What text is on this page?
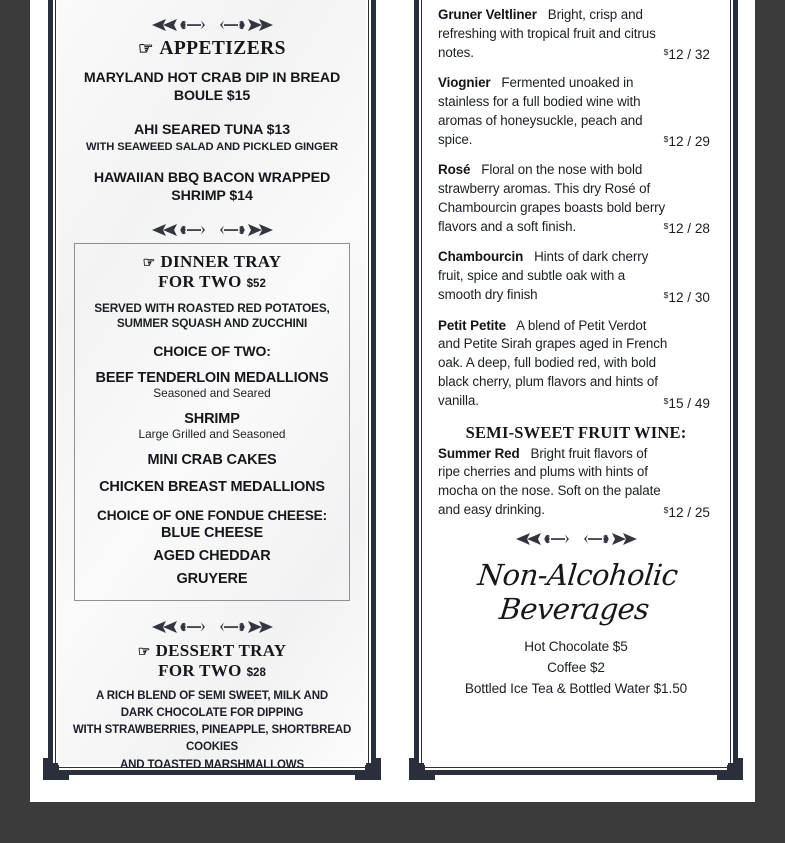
☞ APPETIZERS
MARYLAND HOT CRAB DIP IN BREAD BOULE $15
AHI SEARED TUNA $13
WITH SEAWEED SALAD AND PICKLED GINGER
HAWAIIAN BBQ BACON WRAPPED SHRIMP $14
☞ DINNER TRAY
FOR TWO $52
SERVED WITH ROASTED RED POTATOES,
SUMMER SQUASH AND ZUCCHINI
CHOICE OF TWO:
BEEF TENDERLOIN MEDALLIONS
Seasoned and Seared
SHRIMP
Large Grilled and Seasoned
MINI CRAB CAKES
CHICKEN BREAST MEDALLIONS
CHOICE OF ONE FONDUE CHEESE:
BLUE CHEESE
AGED CHEDDAR
GRUYERE
☞ DESSERT TRAY
FOR TWO $28
A RICH BLEND OF SEMI SWEET, MILK AND
DARK CHOCOLATE FOR DIPPING
WITH STRAWBERRIES, PINEAPPLE, SHORTBREAD COOKIES
AND TOASTED MARSHMALLOWS
Gruner Veltliner Bright, crisp and refreshing with tropical fruit and citrus notes.	$12 / 32
Viognier Fermented unoaked in stainless for a full bodied wine with aromas of honeysuckle, peach and spice.	$12 / 29
Rosé Floral on the nose with bold strawberry aromas. This dry Rosé of Chambourcin grapes boasts bold berry flavors and a soft finish.	$12 / 28
Chambourcin Hints of dark cherry fruit, spice and subtle oak with a smooth dry finish	$12 / 30
Petit Petite A blend of Petit Verdot and Petite Sirah grapes aged in French oak. A deep, full bodied red, with bold black cherry, plum flavors and hints of vanilla.	$15 / 49
SEMI-SWEET FRUIT WINE:
Summer Red Bright fruit flavors of ripe cherries and plums with hints of mocha on the nose. Soft on the palate and easy drinking.	$12 / 25
Non-Alcoholic Beverages
Hot Chocolate $5
Coffee $2
Bottled Ice Tea & Bottled Water $1.50
